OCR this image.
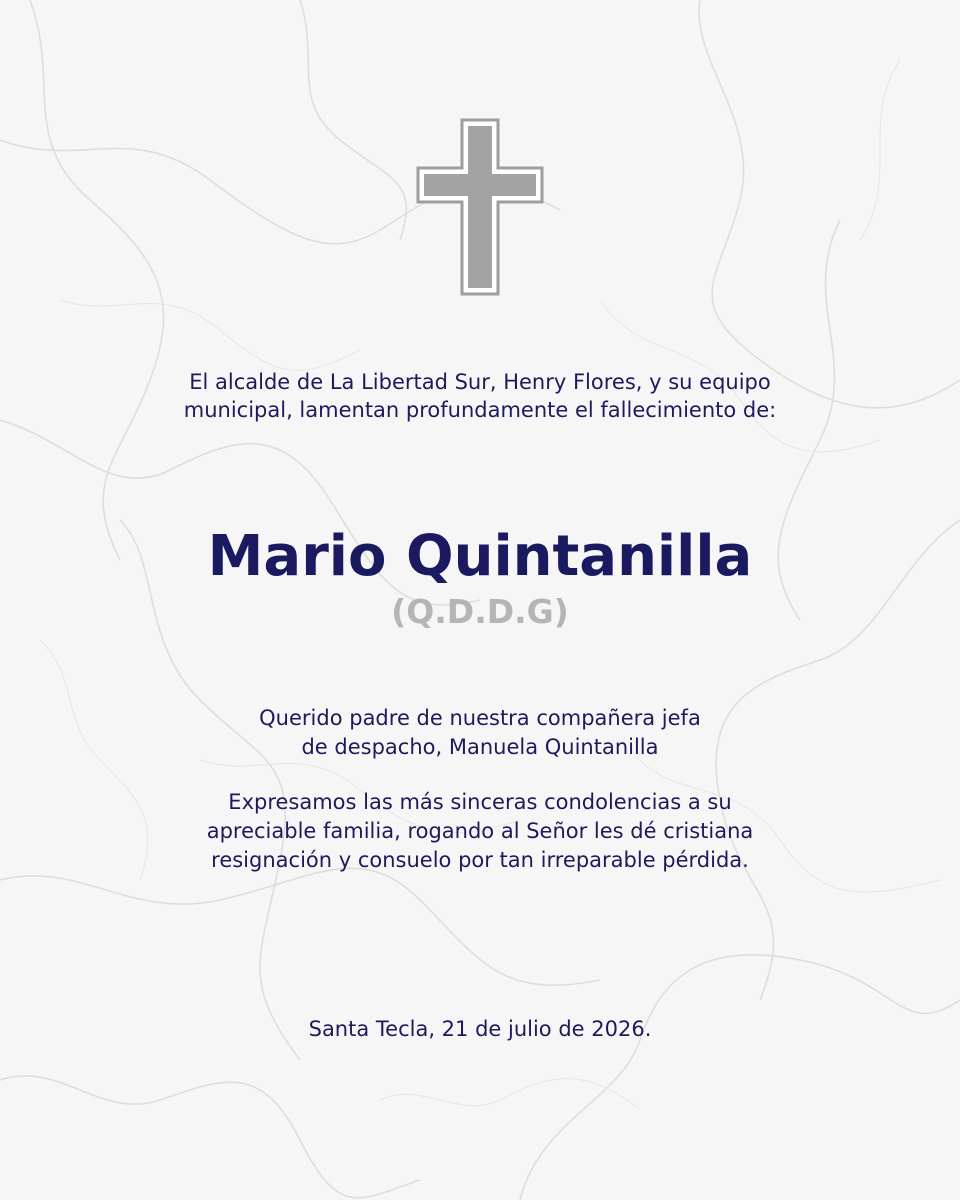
El alcalde de La Libertad Sur, Henry Flores, y su equipo
municipal, lamentan profundamente el fallecimiento de:
Mario Quintanilla
(Q.D.D.G)
Querido padre de nuestra compañera jefa
de despacho, Manuela Quintanilla
Expresamos las más sinceras condolencias a su
apreciable familia, rogando al Señor les dé cristiana
resignación y consuelo por tan irreparable pérdida.
Santa Tecla, 21 de julio de 2026.
